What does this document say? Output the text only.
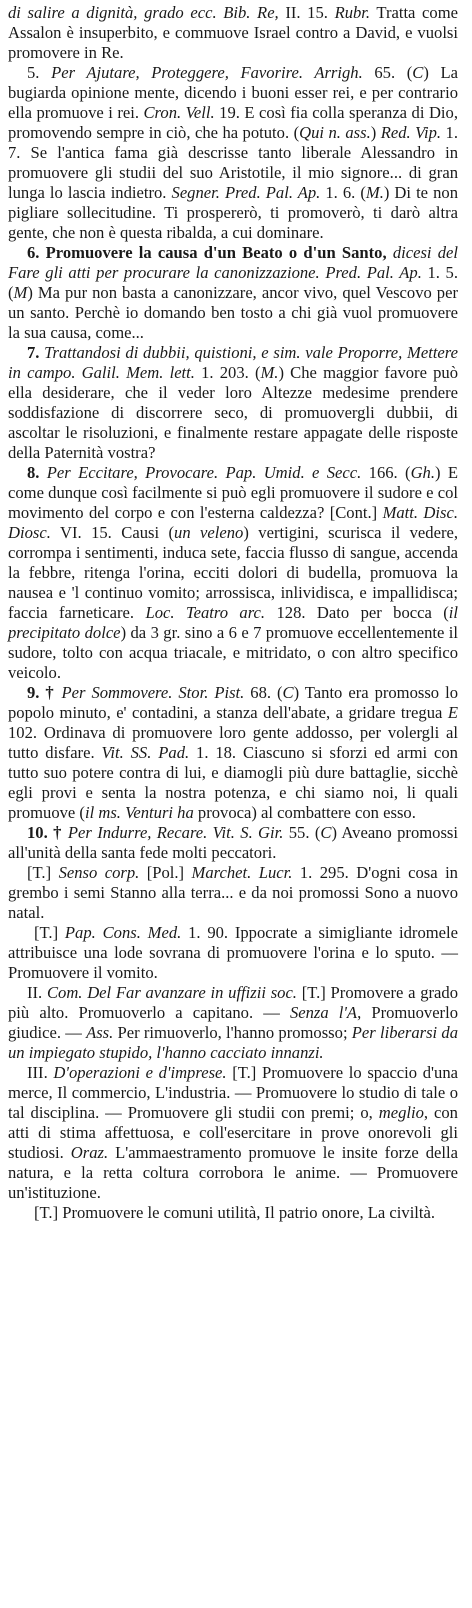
di salire a dignità, grado ecc. Bib. Re, II. 15. Rubr. Tratta come Assalon è insuperbito, e commuove Israel contro a David, e vuolsi promovere in Re.

5. Per Ajutare, Proteggere, Favorire. Arrigh. 65. (C) La bugiarda opinione mente, dicendo i buoni esser rei, e per contrario ella promuove i rei. Cron. Vell. 19. E così fia colla speranza di Dio, promovendo sempre in ciò, che ha potuto. (Qui n. ass.) Red. Vip. 1. 7. Se l'antica fama già descrisse tanto liberale Alessandro in promuovere gli studii del suo Aristotile, il mio signore... di gran lunga lo lascia indietro. Segner. Pred. Pal. Ap. 1. 6. (M.) Di te non pigliare sollecitudine. Ti prospererò, ti promoverò, ti darò altra gente, che non è questa ribalda, a cui dominare.

6. Promuovere la causa d'un Beato o d'un Santo, dicesi del Fare gli atti per procurare la canonizzazione. Pred. Pal. Ap. 1. 5. (M) Ma pur non basta a canonizzare, ancor vivo, quel Vescovo per un santo. Perchè io domando ben tosto a chi già vuol promuovere la sua causa, come...

7. Trattandosi di dubbii, quistioni, e sim. vale Proporre, Mettere in campo. Galil. Mem. lett. 1. 203. (M.) Che maggior favore può ella desiderare, che il veder loro Altezze medesime prendere soddisfazione di discorrere seco, di promuovergli dubbii, di ascoltar le risoluzioni, e finalmente restare appagate delle risposte della Paternità vostra?

8. Per Eccitare, Provocare. Pap. Umid. e Secc. 166. (Gh.) E come dunque così facilmente si può egli promuovere il sudore e col movimento del corpo e con l'esterna caldezza? [Cont.] Matt. Disc. Diosc. VI. 15. Causi (un veleno) vertigini, scurisca il vedere, corrompa i sentimenti, induca sete, faccia flusso di sangue, accenda la febbre, ritenga l'orina, ecciti dolori di budella, promuova la nausea e 'l continuo vomito; arrossisca, inlividisca, e impallidisca; faccia farneticare. Loc. Teatro arc. 128. Dato per bocca (il precipitato dolce) da 3 gr. sino a 6 e 7 promuove eccellentemente il sudore, tolto con acqua triacale, e mitridato, o con altro specifico veicolo.

9. † Per Sommovere. Stor. Pist. 68. (C) Tanto era promosso lo popolo minuto, e' contadini, a stanza dell'abate, a gridare tregua E 102. Ordinava di promuovere loro gente addosso, per volergli al tutto disfare. Vit. SS. Pad. 1. 18. Ciascuno si sforzi ed armi con tutto suo potere contra di lui, e diamogli più dure battaglie, sicchè egli provi e senta la nostra potenza, e chi siamo noi, li quali promuove (il ms. Venturi ha provoca) al combattere con esso.

10. † Per Indurre, Recare. Vit. S. Gir. 55. (C) Aveano promossi all'unità della santa fede molti peccatori.

[T.] Senso corp. [Pol.] Marchet. Lucr. 1. 295. D'ogni cosa in grembo i semi Stanno alla terra... e da noi promossi Sono a nuovo natal.

[T.] Pap. Cons. Med. 1. 90. Ippocrate a simigliante idromele attribuisce una lode sovrana di promuovere l'orina e lo sputo. — Promuovere il vomito.

II. Com. Del Far avanzare in uffizii soc. [T.] Promovere a grado più alto. Promuoverlo a capitano. — Senza l'A, Promuoverlo giudice. — Ass. Per rimuoverlo, l'hanno promosso; Per liberarsi da un impiegato stupido, l'hanno cacciato innanzi.

III. D'operazioni e d'imprese. [T.] Promuovere lo spaccio d'una merce, Il commercio, L'industria. — Promuovere lo studio di tale o tal disciplina. — Promuovere gli studii con premi; o, meglio, con atti di stima affettuosa, e coll'esercitare in prove onorevoli gli studiosi. Oraz. L'ammaestramento promuove le insite forze della natura, e la retta coltura corrobora le anime. — Promuovere un'istituzione.

[T.] Promuovere le comuni utilità, Il patrio onore, La civiltà.
